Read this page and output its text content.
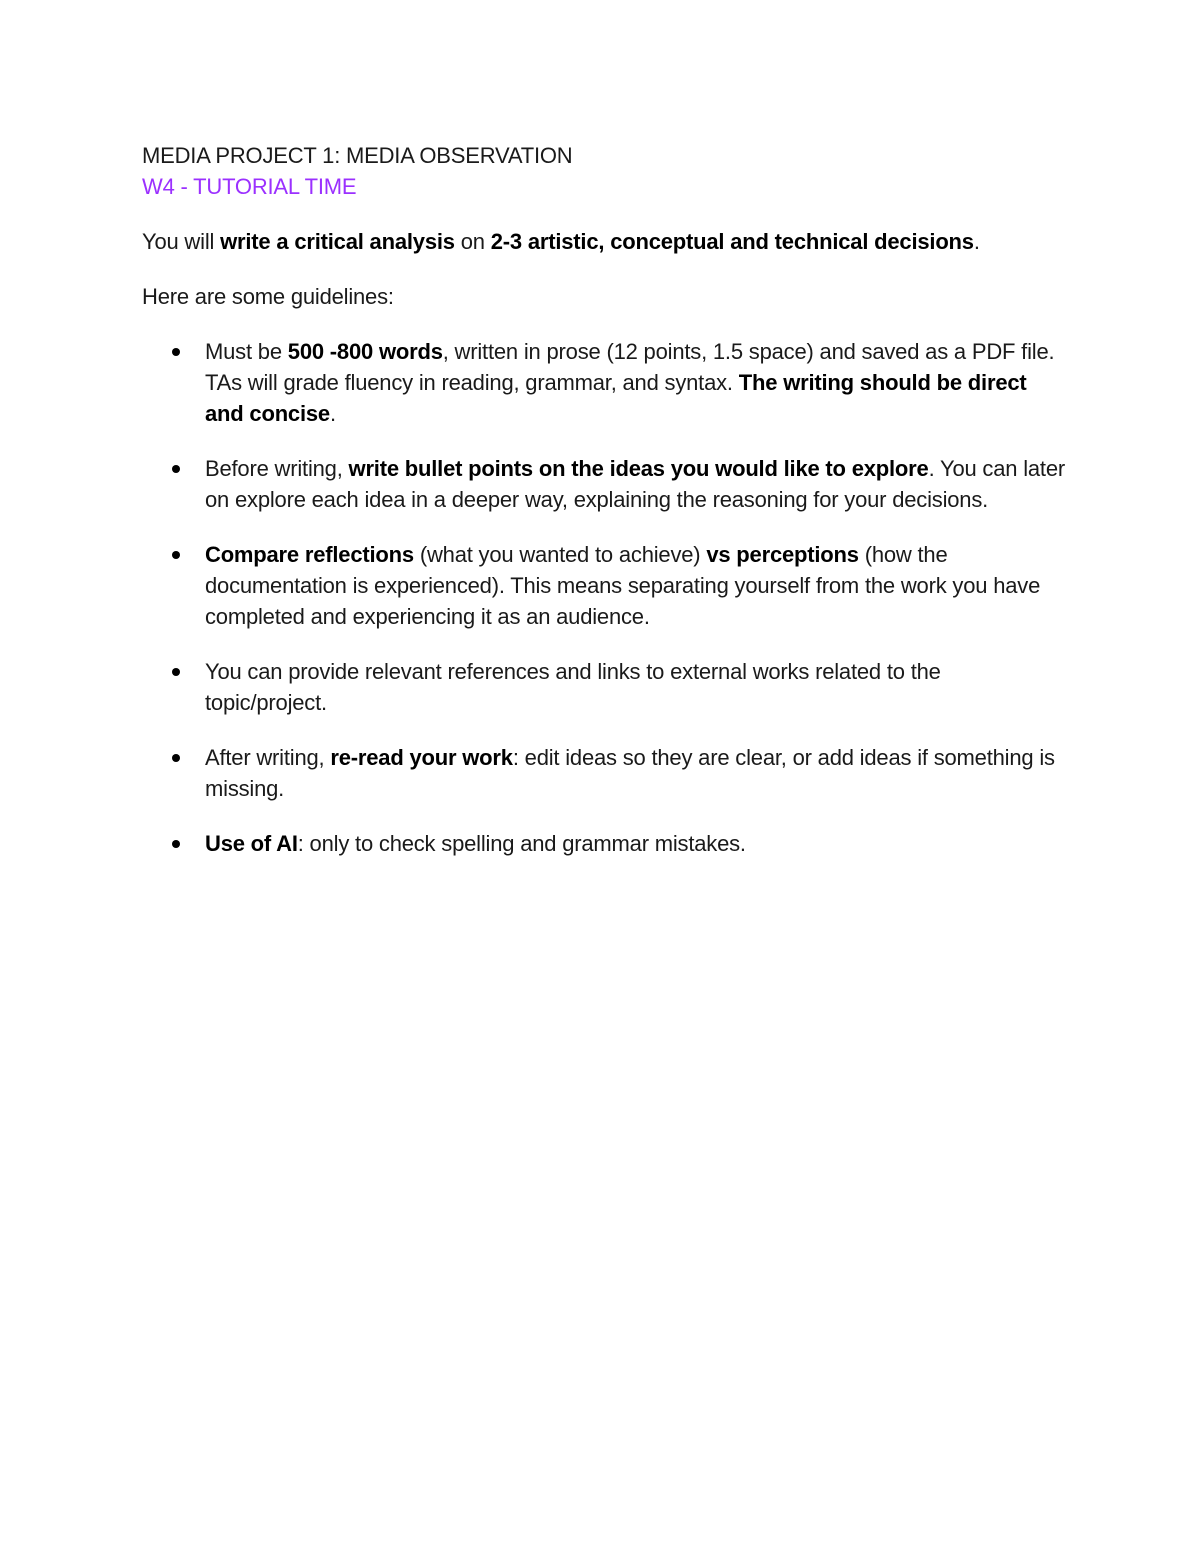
MEDIA PROJECT 1: MEDIA OBSERVATION
W4 - TUTORIAL TIME

You will write a critical analysis on 2-3 artistic, conceptual and technical decisions.

Here are some guidelines:

Must be 500 -800 words, written in prose (12 points, 1.5 space) and saved as a PDF file. TAs will grade fluency in reading, grammar, and syntax. The writing should be direct and concise.
Before writing, write bullet points on the ideas you would like to explore. You can later on explore each idea in a deeper way, explaining the reasoning for your decisions.
Compare reflections (what you wanted to achieve) vs perceptions (how the documentation is experienced). This means separating yourself from the work you have completed and experiencing it as an audience.
You can provide relevant references and links to external works related to the topic/project.
After writing, re-read your work: edit ideas so they are clear, or add ideas if something is missing.
Use of AI: only to check spelling and grammar mistakes.
